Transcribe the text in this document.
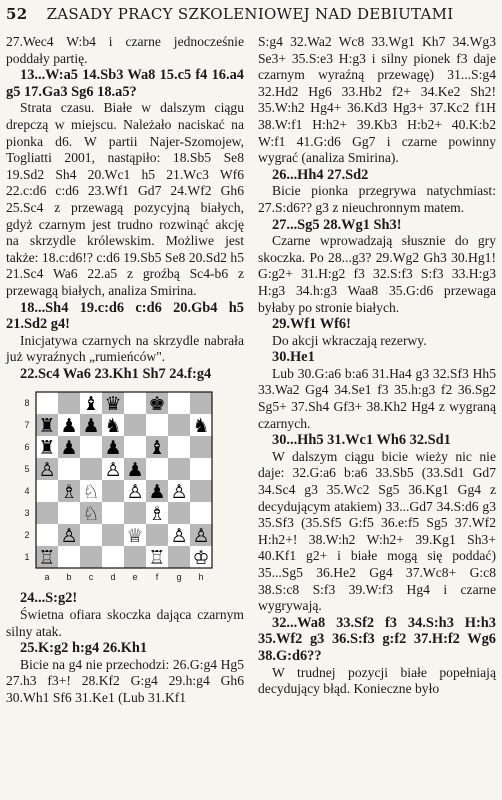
52 ZASADY PRACY SZKOLENIOWEJ NAD DEBIUTAMI

27.Wec4 W:b4 i czarne jednocześnie poddały partię.

13...W:a5 14.Sb3 Wa8 15.c5 f4 16.a4 g5 17.Ga3 Sg6 18.a5?

Strata czasu. Białe w dalszym ciągu drepczą w miejscu. Należało naciskać na pionka d6. W partii Najer-Szomojew, Togliatti 2001, nastąpiło: 18.Sb5 Se8 19.Sd2 Sh4 20.Wc1 h5 21.Wc3 Wf6 22.c:d6 c:d6 23.Wf1 Gd7 24.Wf2 Gh6 25.Sc4 z przewagą pozycyjną białych, gdyż czarnym jest trudno rozwinąć akcję na skrzydle królewskim. Możliwe jest także: 18.c:d6!? c:d6 19.Sb5 Se8 20.Sd2 h5 21.Sc4 Wa6 22.a5 z groźbą Sc4-b6 z przewagą białych, analiza Smirina.

18...Sh4 19.c:d6 c:d6 20.Gb4 h5 21.Sd2 g4!

Inicjatywa czarnych na skrzydle nabrała już wyraźnych „rumieńców".

22.Sc4 Wa6 23.Kh1 Sh7 24.f:g4

8
7
6
5
4
3
2
1
a b c d e f g h
♝ ♛ ♚
♜ ♟ ♟ ♞	♞
♜ ♟ ♟ ♝
♙	♙ ♟
♗ ♘ ♙ ♟ ♙
♘	♗
♙	♕ ♙ ♙
♖	♖ ♔

24...S:g2!

Świetna ofiara skoczka dająca czarnym silny atak.

25.K:g2 h:g4 26.Kh1

Bicie na g4 nie przechodzi: 26.G:g4 Hg5 27.h3 f3+! 28.Kf2 G:g4 29.h:g4 Gh6 30.Wh1 Sf6 31.Ke1 (Lub 31.Kf1

S:g4 32.Wa2 Wc8 33.Wg1 Kh7 34.Wg3 Se3+ 35.S:e3 H:g3 i silny pionek f3 daje czarnym wyraźną przewagę) 31...S:g4 32.Hd2 Hg6 33.Hb2 f2+ 34.Ke2 Sh2! 35.W:h2 Hg4+ 36.Kd3 Hg3+ 37.Kc2 f1H 38.W:f1 H:h2+ 39.Kb3 H:b2+ 40.K:b2 W:f1 41.G:d6 Gg7 i czarne powinny wygrać (analiza Smirina).

26...Hh4 27.Sd2

Bicie pionka przegrywa natychmiast: 27.S:d6?? g3 z nieuchronnym matem.

27...Sg5 28.Wg1 Sh3!

Czarne wprowadzają słusznie do gry skoczka. Po 28...g3? 29.Wg2 Gh3 30.Hg1! G:g2+ 31.H:g2 f3 32.S:f3 S:f3 33.H:g3 H:g3 34.h:g3 Waa8 35.G:d6 przewaga byłaby po stronie białych.

29.Wf1 Wf6!

Do akcji wkraczają rezerwy.

30.He1

Lub 30.G:a6 b:a6 31.Ha4 g3 32.Sf3 Hh5 33.Wa2 Gg4 34.Se1 f3 35.h:g3 f2 36.Sg2 Sg5+ 37.Sh4 Gf3+ 38.Kh2 Hg4 z wygraną czarnych.

30...Hh5 31.Wc1 Wh6 32.Sd1

W dalszym ciągu bicie wieży nic nie daje: 32.G:a6 b:a6 33.Sb5 (33.Sd1 Gd7 34.Sc4 g3 35.Wc2 Sg5 36.Kg1 Gg4 z decydującym atakiem) 33...Gd7 34.S:d6 g3 35.Sf3 (35.Sf5 G:f5 36.e:f5 Sg5 37.Wf2 H:h2+! 38.W:h2 W:h2+ 39.Kg1 Sh3+ 40.Kf1 g2+ i białe mogą się poddać) 35...Sg5 36.He2 Gg4 37.Wc8+ G:c8 38.S:c8 S:f3 39.W:f3 Hg4 i czarne wygrywają.

32...Wa8 33.Sf2 f3 34.S:h3 H:h3 35.Wf2 g3 36.S:f3 g:f2 37.H:f2 Wg6 38.G:d6??

W trudnej pozycji białe popełniają decydujący błąd. Konieczne było
